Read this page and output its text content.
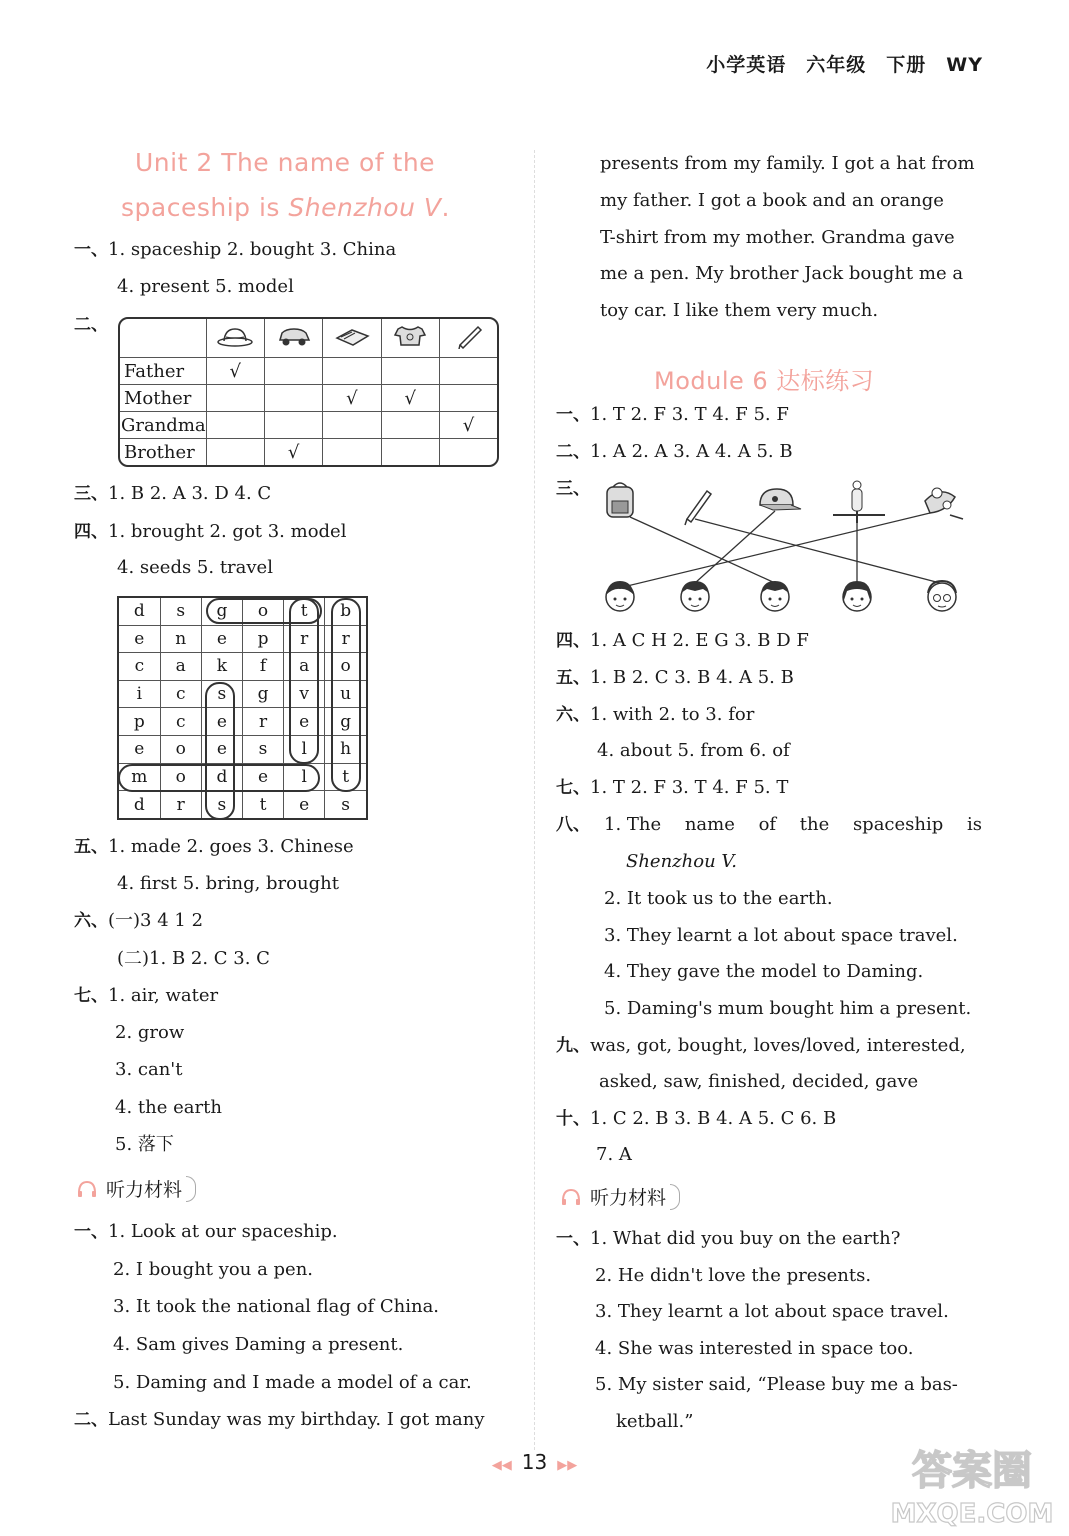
小学英语 六年级 下册 WY
Unit 2 The name of the
spaceship is Shenzhou V.
一、1. spaceship 2. bought 3. China
4. present 5. model
二、

Father	√				
Mother			√	√	
Grandma					√
Brother		√			
三、1. B 2. A 3. D 4. C
四、1. brought 2. got 3. model
4. seeds 5. travel
d	s	g	o	t	b
e	n	e	p	r	r
c	a	k	f	a	o
i	c	s	g	v	u
p	c	e	r	e	g
e	o	e	s	l	h
m	o	d	e	l	t
d	r	s	t	e	s
五、1. made 2. goes 3. Chinese
4. first 5. bring, brought
六、(一)3 4 1 2
(二)1. B 2. C 3. C
七、1. air, water
2. grow
3. can't
4. the earth
5. 落下
听力材料
一、1. Look at our spaceship.
2. I bought you a pen.
3. It took the national flag of China.
4. Sam gives Daming a present.
5. Daming and I made a model of a car.
二、Last Sunday was my birthday. I got many
presents from my family. I got a hat from
my father. I got a book and an orange
T-shirt from my mother. Grandma gave
me a pen. My brother Jack bought me a
toy car. I like them very much.
Module 6 达标练习
一、1. T 2. F 3. T 4. F 5. F
二、1. A 2. A 3. A 4. A 5. B
三、
四、1. A C H 2. E G 3. B D F
五、1. B 2. C 3. B 4. A 5. B
六、1. with 2. to 3. for
4. about 5. from 6. of
七、1. T 2. F 3. T 4. F 5. T
八、 1. The name of the spaceship is
Shenzhou V.
2. It took us to the earth.
3. They learnt a lot about space travel.
4. They gave the model to Daming.
5. Daming's mum bought him a present.
九、was, got, bought, loves/loved, interested,
asked, saw, finished, decided, gave
十、1. C 2. B 3. B 4. A 5. C 6. B
7. A
听力材料
一、1. What did you buy on the earth?
2. He didn't love the presents.
3. They learnt a lot about space travel.
4. She was interested in space too.
5. My sister said, “Please buy me a bas-
ketball.”
◀◀ 13 ▶▶	答案圈
MXQE.COM
